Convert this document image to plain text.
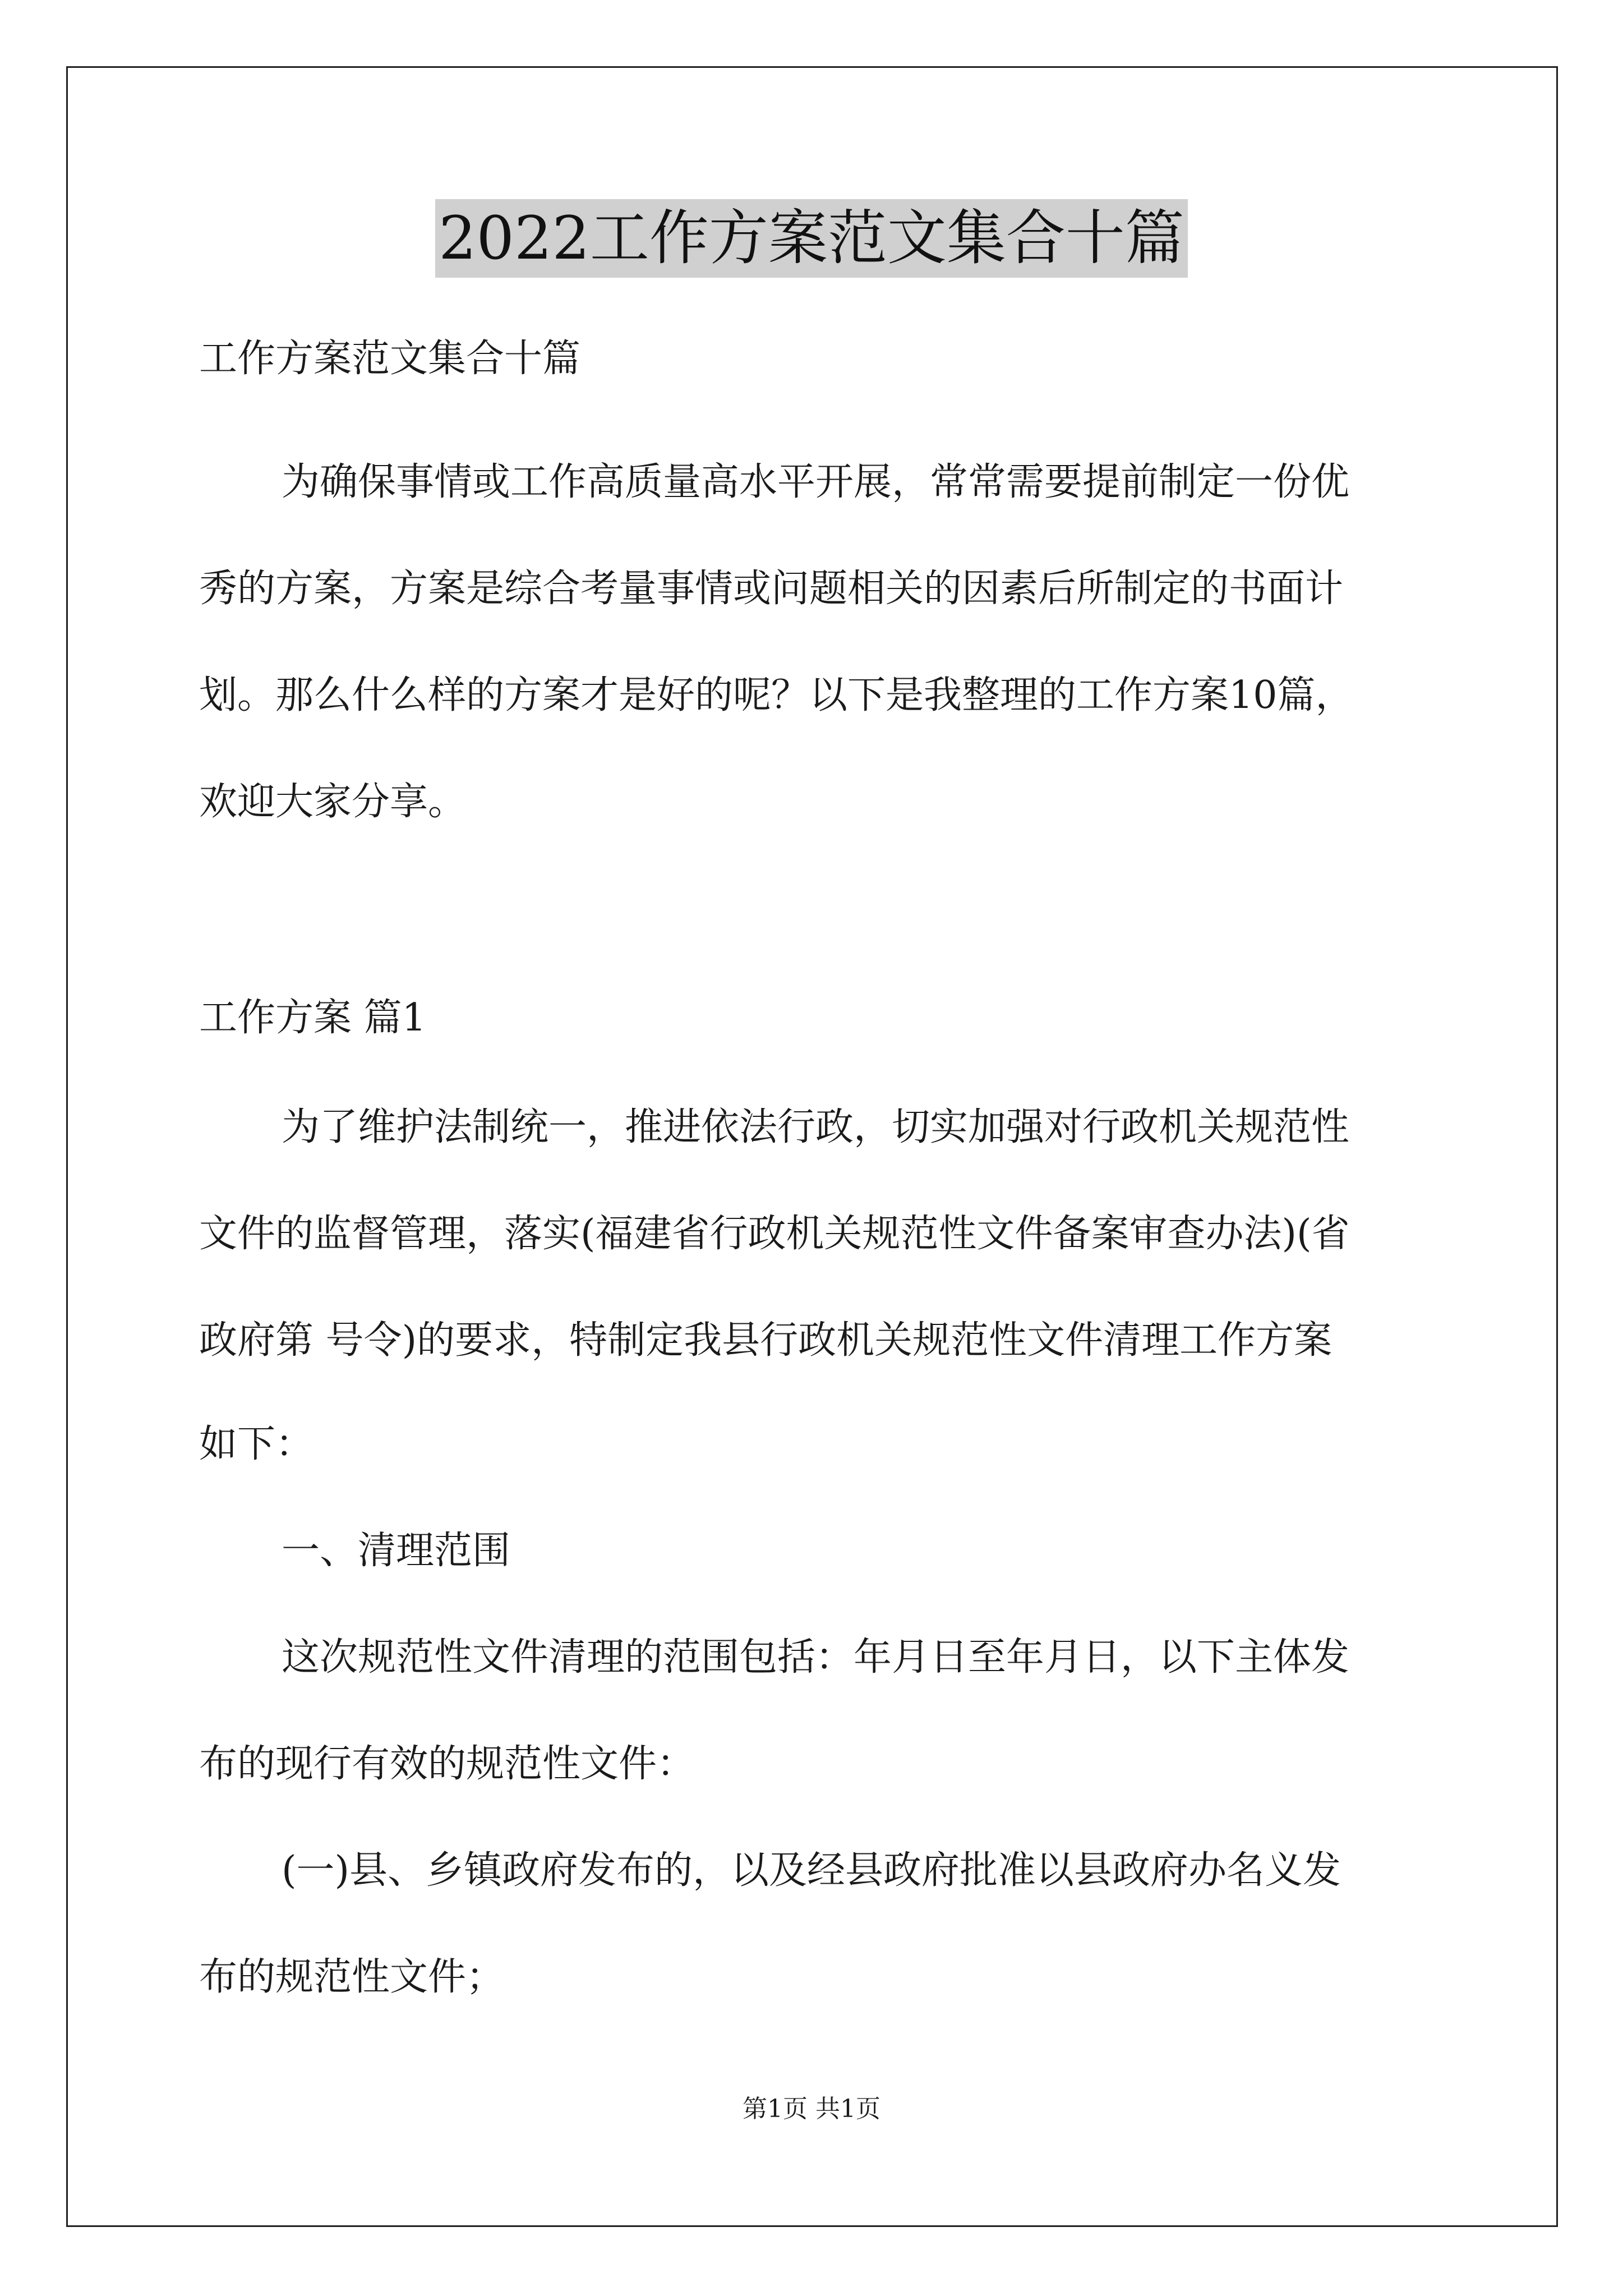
2022工作方案范文集合十篇
工作方案范文集合十篇
为确保事情或工作高质量高水平开展，常常需要提前制定一份优
秀的方案，方案是综合考量事情或问题相关的因素后所制定的书面计
划。那么什么样的方案才是好的呢？以下是我整理的工作方案10篇，
欢迎大家分享。
工作方案 篇1
为了维护法制统一，推进依法行政，切实加强对行政机关规范性
文件的监督管理，落实(福建省行政机关规范性文件备案审查办法)(省
政府第 号令)的要求，特制定我县行政机关规范性文件清理工作方案
如下：
一、清理范围
这次规范性文件清理的范围包括：年月日至年月日，以下主体发
布的现行有效的规范性文件：
(一)县、乡镇政府发布的，以及经县政府批准以县政府办名义发
布的规范性文件；
第1页 共1页
